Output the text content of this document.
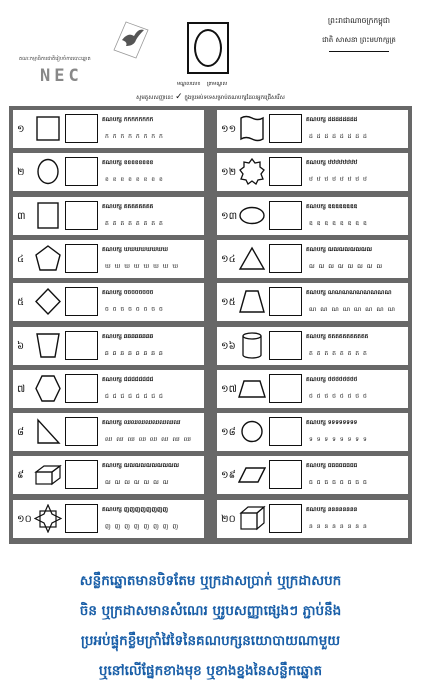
គណៈកម្មាធិការជាតិរៀបចំការបោះឆ្នោត
NEC	មណ្ឌលលេខ ត្រាមណ្ឌល
ព្រះរាជាណាចក្រកម្ពុជា
ជាតិ សាសនា ព្រះមហាក្សត្រ
សូមគូសសញ្ញានេះ ✓ ក្នុងប្រអប់ទទេសម្រាប់គណបក្សដែលអ្នកជ្រើសរើស
១
គណបក្ស កកកកកកកក
ក ក ក ក ក ក ក ក
២
គណបក្ស ខខខខខខខខ
ខ ខ ខ ខ ខ ខ ខ ខ
៣
គណបក្ស គគគគគគគគ
គ គ គ គ គ គ គ គ
៤
គណបក្ស ឃឃឃឃឃឃឃឃ
ឃ ឃ ឃ ឃ ឃ ឃ ឃ ឃ
៥
គណបក្ស ចចចចចចចច
ច ច ច ច ច ច ច ច
៦
គណបក្ស ឆឆឆឆឆឆឆឆ
ឆ ឆ ឆ ឆ ឆ ឆ ឆ ឆ
៧
គណបក្ស ជជជជជជជជ
ជ ជ ជ ជ ជ ជ ជ ជ
៨
គណបក្ស ឈឈឈឈឈឈឈឈ
ឈ ឈ ឈ ឈ ឈ ឈ ឈ ឈ
៩
គណបក្ស ឍឍឍឍឍឍឍឍឍឍ
ឍ ឍ ឍ ឍ ឍ ឍ ឍ
១០
គណបក្ស ញញញញញញញញ
ញ ញ ញ ញ ញ ញ ញ ញ
១១
គណបក្ស ដដដដដដដដ
ដ ដ ដ ដ ដ ដ ដ ដ
១២
គណបក្ស ឋឋឋឋឋឋឋឋ
ឋ ឋ ឋ ឋ ឋ ឋ ឋ ឋ
១៣
គណបក្ស ឌឌឌឌឌឌឌឌ
ឌ ឌ ឌ ឌ ឌ ឌ ឌ ឌ
១៤
គណបក្ស ឍឍឍឍឍឍឍឍ
ឍ ឍ ឍ ឍ ឍ ឍ ឍ ឍ
១៥
គណបក្ស ណណណណណណណណណ
ណ ណ ណ ណ ណ ណ ណ ណ
១៦
គណបក្ស តតតតតតតតតតត
ត ត ត ត ត ត ត ត
១៧
គណបក្ស ថថថថថថថថ
ថ ថ ថ ថ ថ ថ ថ ថ
១៨
គណបក្ស ទទទទទទទទ
ទ ទ ទ ទ ទ ទ ទ ទ
១៩
គណបក្ស ធធធធធធធធ
ធ ធ ធ ធ ធ ធ ធ ធ
២០
គណបក្ស នននននននន
ន ន ន ន ន ន ន ន
សន្លឹកឆ្នោតមានបិទតែម ឬក្រដាសប្រាក់ ឬក្រដាសបក
ចិន ឬក្រដាសមានសំណេរ ឬរូបសញ្ញាផ្សេងៗ ភ្ជាប់នឹង
ប្រអប់ផ្ទុកខ្លឹមក្រាំវៃទៃនៃគណបក្សនយោបាយណាមួយ
ឬនៅលើផ្នែកខាងមុខ ឬខាងខ្នងនៃសន្លឹកឆ្នោត
